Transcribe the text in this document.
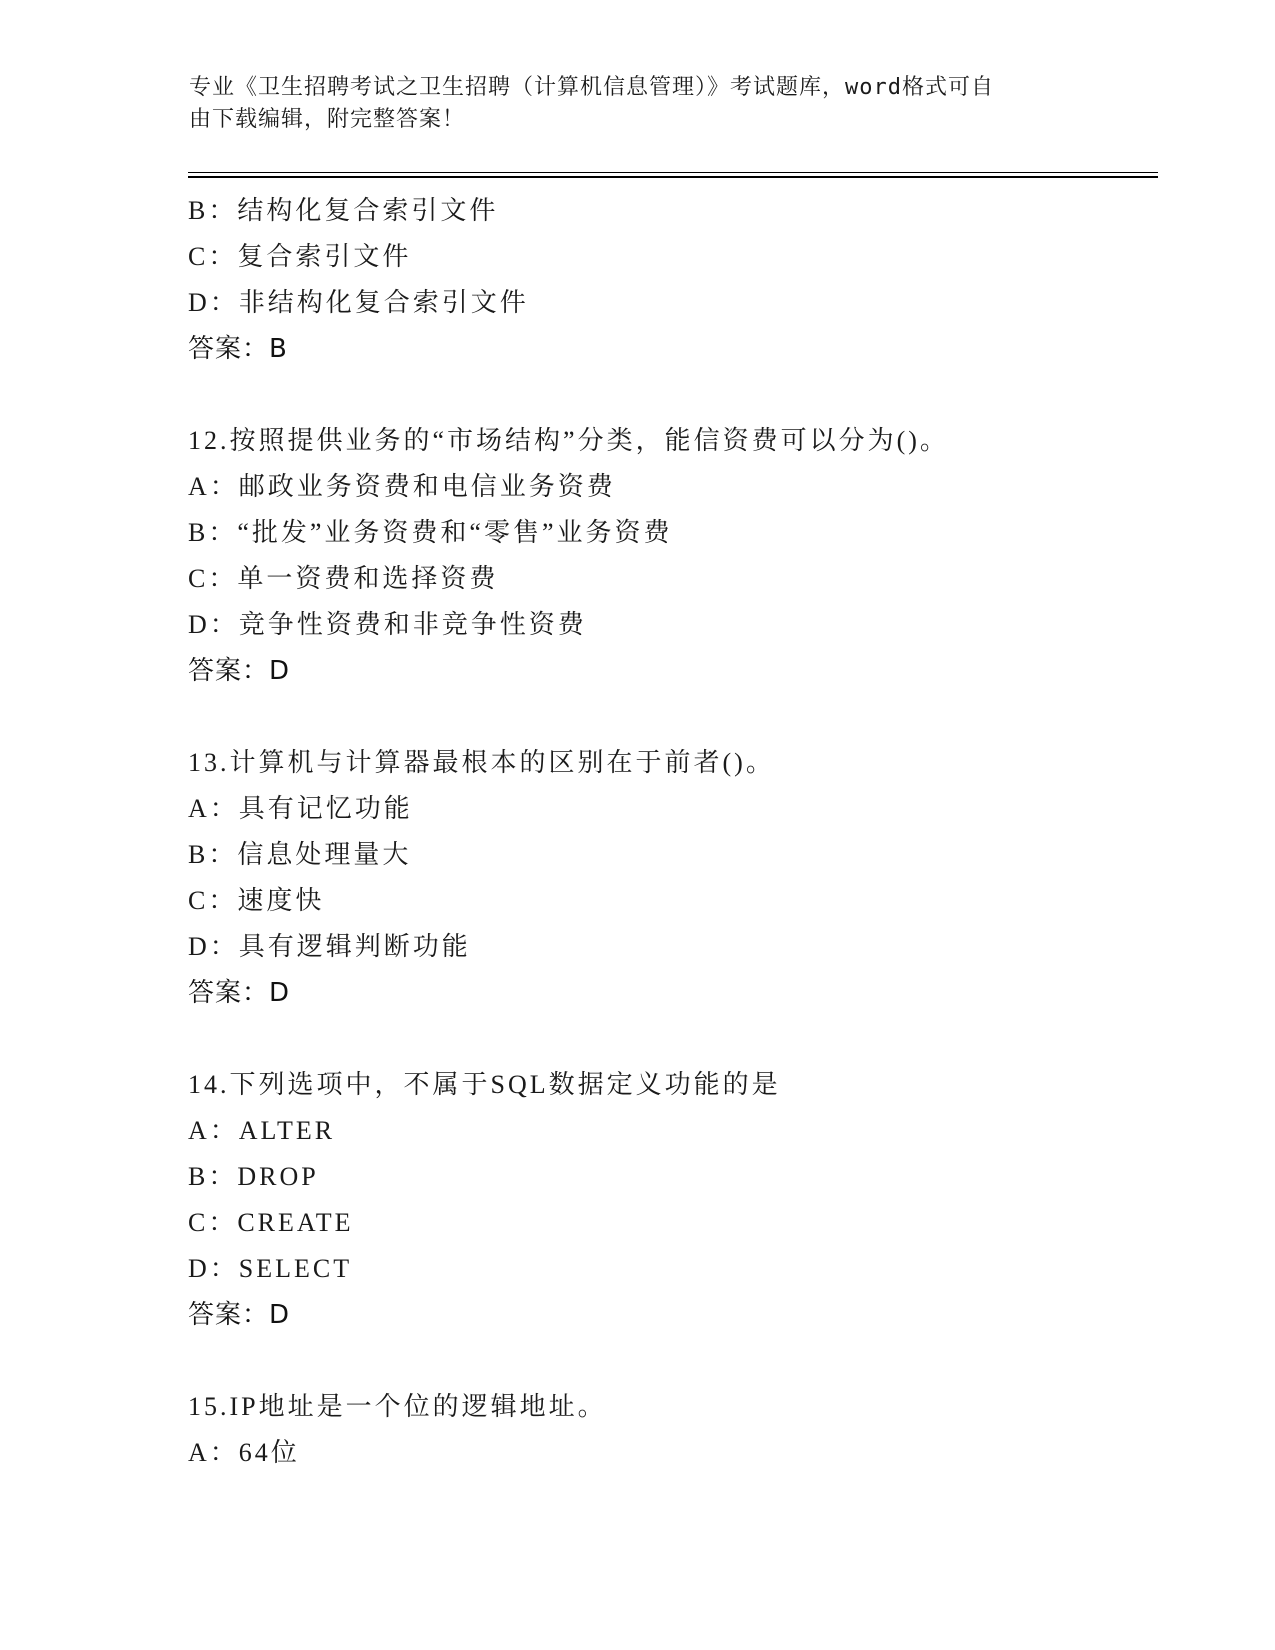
专业《卫生招聘考试之卫生招聘（计算机信息管理）》考试题库，word格式可自
由下载编辑，附完整答案！
B：结构化复合索引文件
C：复合索引文件
D：非结构化复合索引文件
答案：B
12.按照提供业务的“市场结构”分类，能信资费可以分为()。
A：邮政业务资费和电信业务资费
B：“批发”业务资费和“零售”业务资费
C：单一资费和选择资费
D：竞争性资费和非竞争性资费
答案：D
13.计算机与计算器最根本的区别在于前者()。
A：具有记忆功能
B：信息处理量大
C：速度快
D：具有逻辑判断功能
答案：D
14.下列选项中，不属于SQL数据定义功能的是
A：ALTER
B：DROP
C：CREATE
D：SELECT
答案：D
15.IP地址是一个位的逻辑地址。
A：64位
